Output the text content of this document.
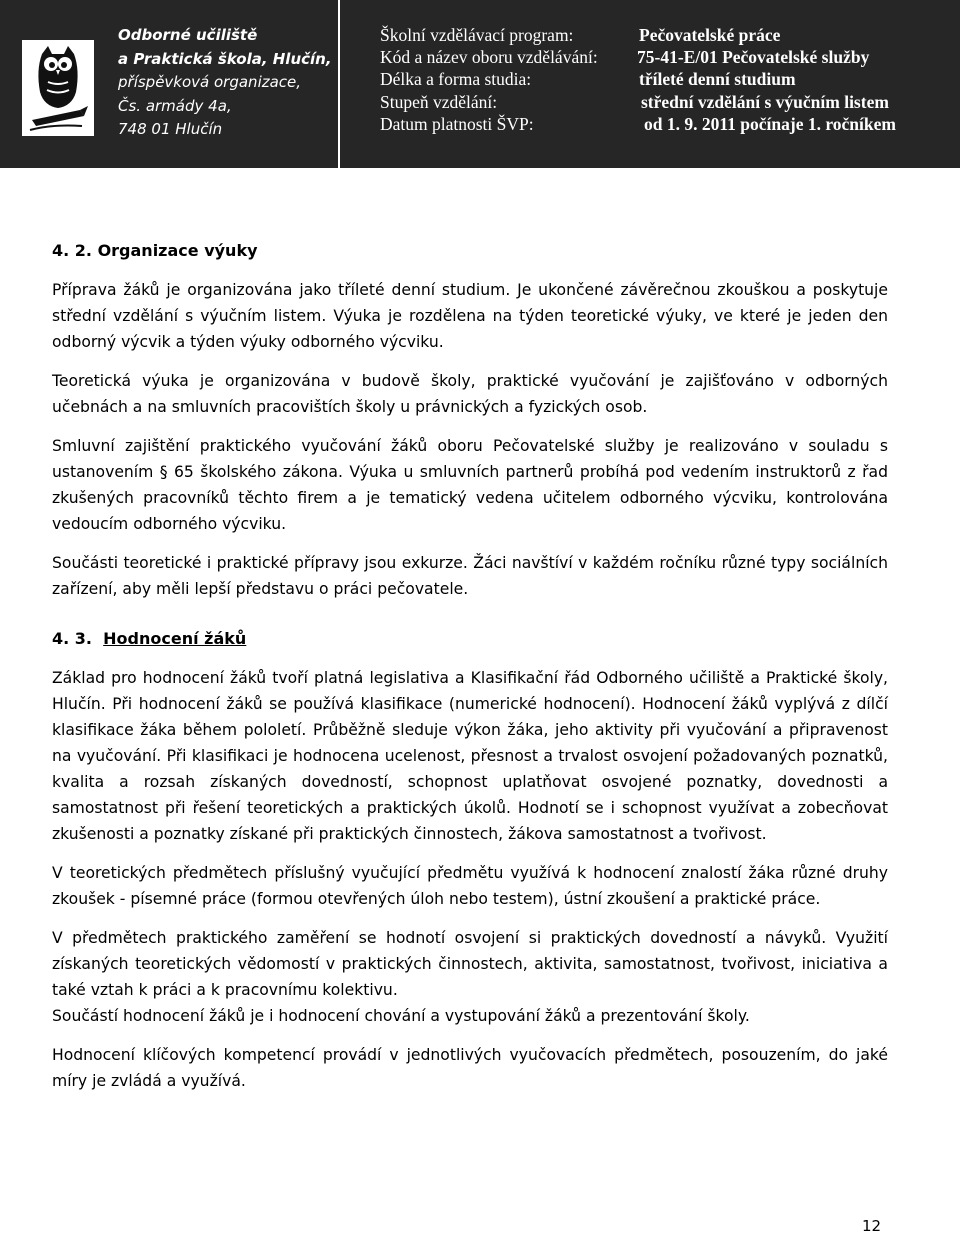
Odborné učiliště
a Praktická škola, Hlučín,
příspěvková organizace,
Čs. armády 4a,
748 01 Hlučín
Školní vzdělávací program:	Pečovatelské práce
Kód a název oboru vzdělávání: 75-41-E/01 Pečovatelské služby
Délka a forma studia:	tříleté denní studium
Stupeň vzdělání:	střední vzdělání s výučním listem
Datum platnosti ŠVP:	od 1. 9. 2011 počínaje 1. ročníkem
4. 2. Organizace výuky

Příprava žáků je organizována jako tříleté denní studium. Je ukončené závěrečnou zkouškou a poskytuje střední vzdělání s výučním listem. Výuka je rozdělena na týden teoretické výuky, ve které je jeden den odborný výcvik a týden výuky odborného výcviku.

Teoretická výuka je organizována v budově školy, praktické vyučování je zajišťováno v odborných učebnách a na smluvních pracovištích školy u právnických a fyzických osob.

Smluvní zajištění praktického vyučování žáků oboru Pečovatelské služby je realizováno v souladu s ustanovením § 65 školského zákona. Výuka u smluvních partnerů probíhá pod vedením instruktorů z řad zkušených pracovníků těchto firem a je tematický vedena učitelem odborného výcviku, kontrolována vedoucím odborného výcviku.

Součásti teoretické i praktické přípravy jsou exkurze. Žáci navštíví v každém ročníku různé typy sociálních zařízení, aby měli lepší představu o práci pečovatele.

4. 3. Hodnocení žáků

Základ pro hodnocení žáků tvoří platná legislativa a Klasifikační řád Odborného učiliště a Praktické školy, Hlučín. Při hodnocení žáků se používá klasifikace (numerické hodnocení). Hodnocení žáků vyplývá z dílčí klasifikace žáka během pololetí. Průběžně sleduje výkon žáka, jeho aktivity při vyučování a připravenost na vyučování. Při klasifikaci je hodnocena ucelenost, přesnost a trvalost osvojení požadovaných poznatků, kvalita a rozsah získaných dovedností, schopnost uplatňovat osvojené poznatky, dovednosti a samostatnost při řešení teoretických a praktických úkolů. Hodnotí se i schopnost využívat a zobecňovat zkušenosti a poznatky získané při praktických činnostech, žákova samostatnost a tvořivost.

V teoretických předmětech příslušný vyučující předmětu využívá k hodnocení znalostí žáka různé druhy zkoušek - písemné práce (formou otevřených úloh nebo testem), ústní zkoušení a praktické práce.

V předmětech praktického zaměření se hodnotí osvojení si praktických dovedností a návyků. Využití získaných teoretických vědomostí v praktických činnostech, aktivita, samostatnost, tvořivost, iniciativa a také vztah k práci a k pracovnímu kolektivu.

Součástí hodnocení žáků je i hodnocení chování a vystupování žáků a prezentování školy.

Hodnocení klíčových kompetencí provádí v jednotlivých vyučovacích předmětech, posouzením, do jaké míry je zvládá a využívá.

12
